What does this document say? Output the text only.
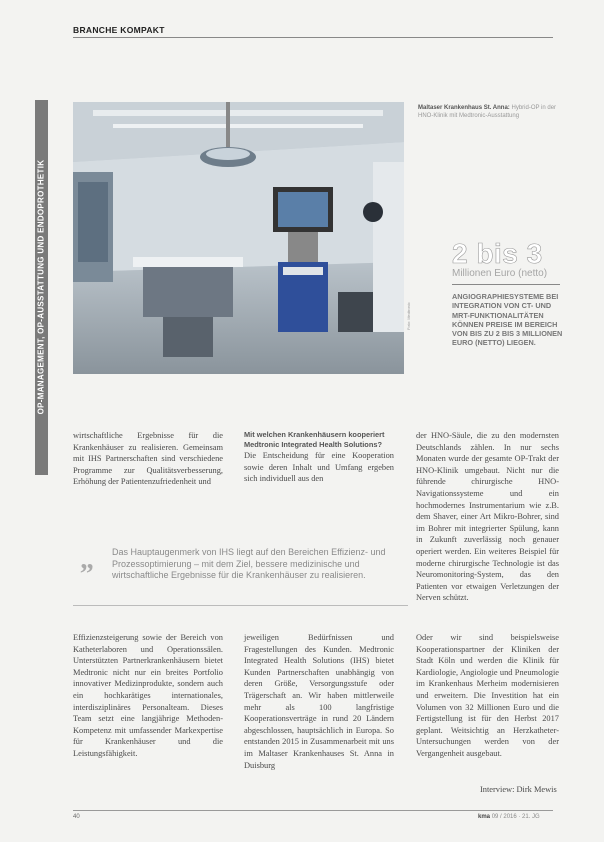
BRANCHE KOMPAKT
OP-MANAGEMENT, OP-AUSSTATTUNG UND ENDOPROTHETIK	Foto: Medtronic
Maltaser Krankenhaus St. Anna: Hybrid-OP in der HNO-Klinik mit Medtronic-Ausstattung
2 bis 3
Millionen Euro (netto)
ANGIOGRAPHIESYSTEME BEI INTEGRATION VON CT- UND MRT-FUNKTIONALITÄTEN KÖNNEN PREISE IM BEREICH VON BIS ZU 2 BIS 3 MILLIONEN EURO (NETTO) LIEGEN.
wirtschaftliche Ergebnisse für die Krankenhäuser zu realisieren. Gemeinsam mit IHS Partnerschaften sind verschiedene Programme zur Qualitätsverbesserung, Erhöhung der Patientenzufriedenheit und
Mit welchen Krankenhäusern kooperiert Medtronic Integrated Health Solutions?
Die Entscheidung für eine Kooperation sowie deren Inhalt und Umfang ergeben sich individuell aus den
der HNO-Säule, die zu den modernsten Deutschlands zählen. In nur sechs Monaten wurde der gesamte OP-Trakt der HNO-Klinik umgebaut. Nicht nur die führende chirurgische HNO-Navigationssysteme und ein hochmodernes Instrumentarium wie z.B. dem Shaver, einer Art Mikro-Bohrer, sind im Bohrer mit integrierter Spülung, kann in Zukunft zuverlässig noch genauer operiert werden. Ein weiteres Beispiel für moderne chirurgische Technologie ist das Neuromonitoring-System, das den Patienten vor etwaigen Verletzungen der Nerven schützt.
„ Das Hauptaugenmerk von IHS liegt auf den Bereichen Effizienz- und Prozessoptimierung – mit dem Ziel, bessere medizinische und wirtschaftliche Ergebnisse für die Krankenhäuser zu realisieren.
Effizienzsteigerung sowie der Bereich von Katheterlaboren und Operationssälen. Unterstützten Partnerkrankenhäusern bietet Medtronic nicht nur ein breites Portfolio innovativer Medizinprodukte, sondern auch ein hochkarätiges internationales, interdisziplinäres Personalteam. Dieses Team setzt eine langjährige Methoden-Kompetenz mit umfassender Markexpertise für Krankenhäuser und die Leistungsfähigkeit.
jeweiligen Bedürfnissen und Fragestellungen des Kunden. Medtronic Integrated Health Solutions (IHS) bietet Kunden Partnerschaften unabhängig von deren Größe, Versorgungsstufe oder Trägerschaft an. Wir haben mittlerweile mehr als 100 langfristige Kooperationsverträge in rund 20 Ländern abgeschlossen, hauptsächlich in Europa. So entstanden 2015 in Zusammenarbeit mit uns im Maltaser Krankenhauses St. Anna in Duisburg
Oder wir sind beispielsweise Kooperationspartner der Kliniken der Stadt Köln und werden die Klinik für Kardiologie, Angiologie und Pneumologie im Krankenhaus Merheim modernisieren und erweitern. Die Investition hat ein Volumen von 32 Millionen Euro und die Fertigstellung ist für den Herbst 2017 geplant. Weitsichtig an Herzkatheter-Untersuchungen werden von der Vergangenheit ausgebaut.
Interview: Dirk Mewis
40	kma 09 / 2016 · 21. JG
